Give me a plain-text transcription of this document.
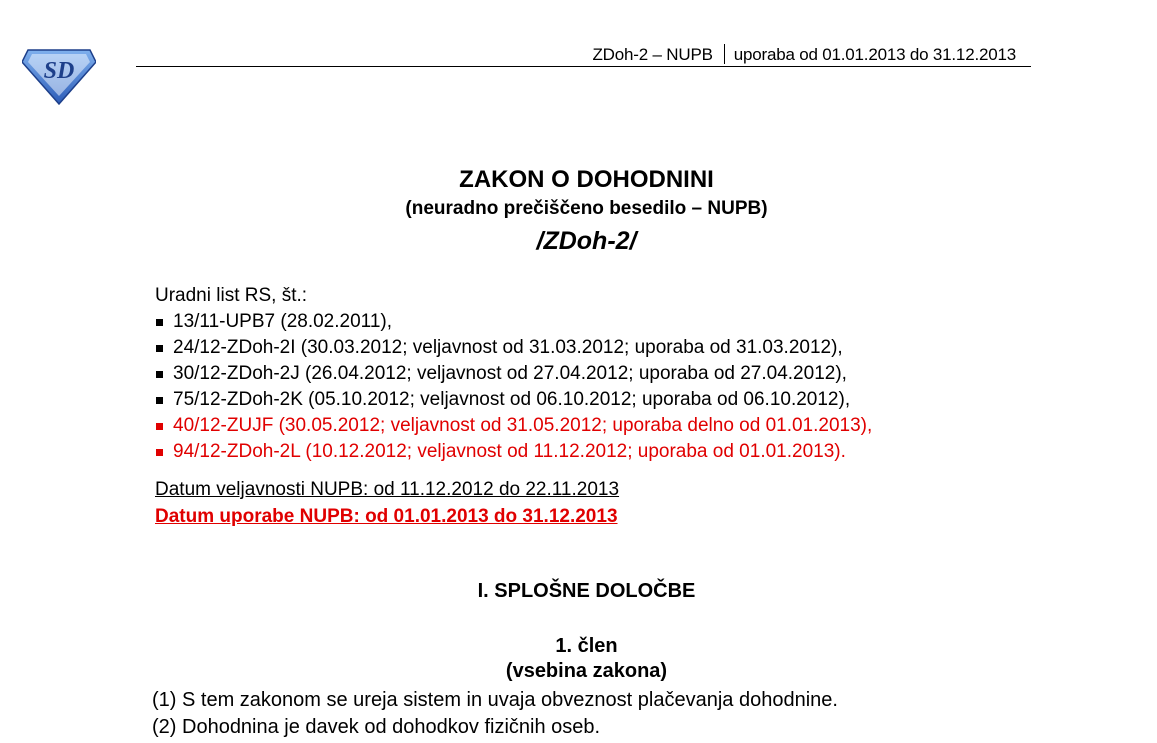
SD
ZDoh-2 – NUPB uporaba od 01.01.2013 do 31.12.2013
ZAKON O DOHODNINI
(neuradno prečiščeno besedilo – NUPB)
/ZDoh-2/
Uradni list RS, št.:
13/11-UPB7 (28.02.2011),
24/12-ZDoh-2I (30.03.2012; veljavnost od 31.03.2012; uporaba od 31.03.2012),
30/12-ZDoh-2J (26.04.2012; veljavnost od 27.04.2012; uporaba od 27.04.2012),
75/12-ZDoh-2K (05.10.2012; veljavnost od 06.10.2012; uporaba od 06.10.2012),
40/12-ZUJF (30.05.2012; veljavnost od 31.05.2012; uporaba delno od 01.01.2013),
94/12-ZDoh-2L (10.12.2012; veljavnost od 11.12.2012; uporaba od 01.01.2013).
Datum veljavnosti NUPB: od 11.12.2012 do 22.11.2013
Datum uporabe NUPB: od 01.01.2013 do 31.12.2013
I. SPLOŠNE DOLOČBE
1. člen
(vsebina zakona)
(1) S tem zakonom se ureja sistem in uvaja obveznost plačevanja dohodnine.
(2) Dohodnina je davek od dohodkov fizičnih oseb.
